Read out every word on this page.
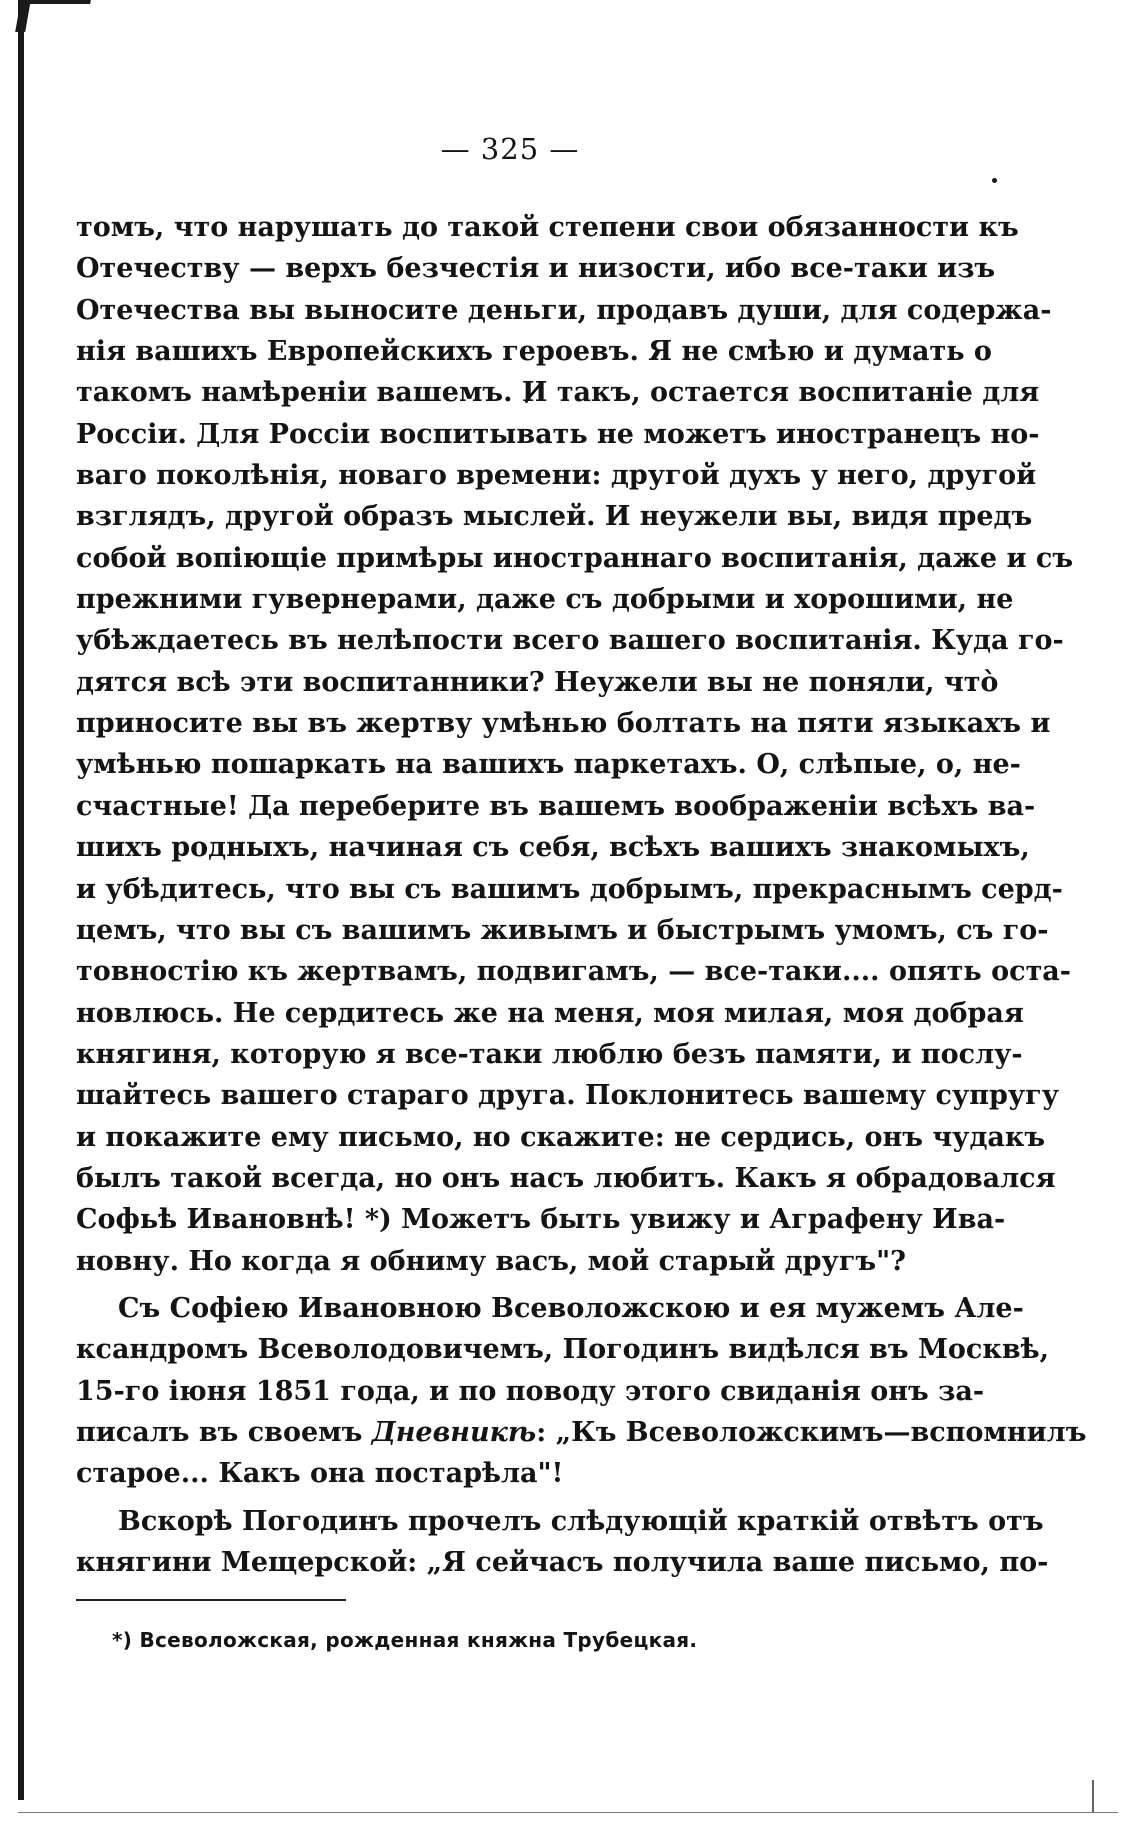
— 325 —
томъ, что нарушать до такой степени свои обязанности къ
Отечеству — верхъ безчестія и низости, ибо все-таки изъ
Отечества вы выносите деньги, продавъ души, для содержа-
нія вашихъ Европейскихъ героевъ. Я не смѣю и думать о
такомъ намѣреніи вашемъ. И такъ, остается воспитаніе для
Россіи. Для Россіи воспитывать не можетъ иностранецъ но-
ваго поколѣнія, новаго времени: другой духъ у него, другой
взглядъ, другой образъ мыслей. И неужели вы, видя предъ
собой вопіющіе примѣры иностраннаго воспитанія, даже и съ
прежними гувернерами, даже съ добрыми и хорошими, не
убѣждаетесь въ нелѣпости всего вашего воспитанія. Куда го-
дятся всѣ эти воспитанники? Неужели вы не поняли, чтò
приносите вы въ жертву умѣнью болтать на пяти языкахъ и
умѣнью пошаркать на вашихъ паркетахъ. О, слѣпые, о, не-
счастные! Да переберите въ вашемъ воображеніи всѣхъ ва-
шихъ родныхъ, начиная съ себя, всѣхъ вашихъ знакомыхъ,
и убѣдитесь, что вы съ вашимъ добрымъ, прекраснымъ серд-
цемъ, что вы съ вашимъ живымъ и быстрымъ умомъ, съ го-
товностію къ жертвамъ, подвигамъ, — все-таки.... опять оста-
новлюсь. Не сердитесь же на меня, моя милая, моя добрая
княгиня, которую я все-таки люблю безъ памяти, и послу-
шайтесь вашего стараго друга. Поклонитесь вашему супругу
и покажите ему письмо, но скажите: не сердись, онъ чудакъ
былъ такой всегда, но онъ насъ любитъ. Какъ я обрадовался
Софьѣ Ивановнѣ! *) Можетъ быть увижу и Аграфену Ива-
новну. Но когда я обниму васъ, мой старый другъ"?
Съ Софіею Ивановною Всеволожскою и ея мужемъ Але-
ксандромъ Всеволодовичемъ, Погодинъ видѣлся въ Москвѣ,
15-го іюня 1851 года, и по поводу этого свиданія онъ за-
писалъ въ своемъ Дневникѣ: „Къ Всеволожскимъ—вспомнилъ
старое... Какъ она постарѣла"!
Вскорѣ Погодинъ прочелъ слѣдующій краткій отвѣтъ отъ
княгини Мещерской: „Я сейчасъ получила ваше письмо, по-
*) Всеволожская, рожденная княжна Трубецкая.
